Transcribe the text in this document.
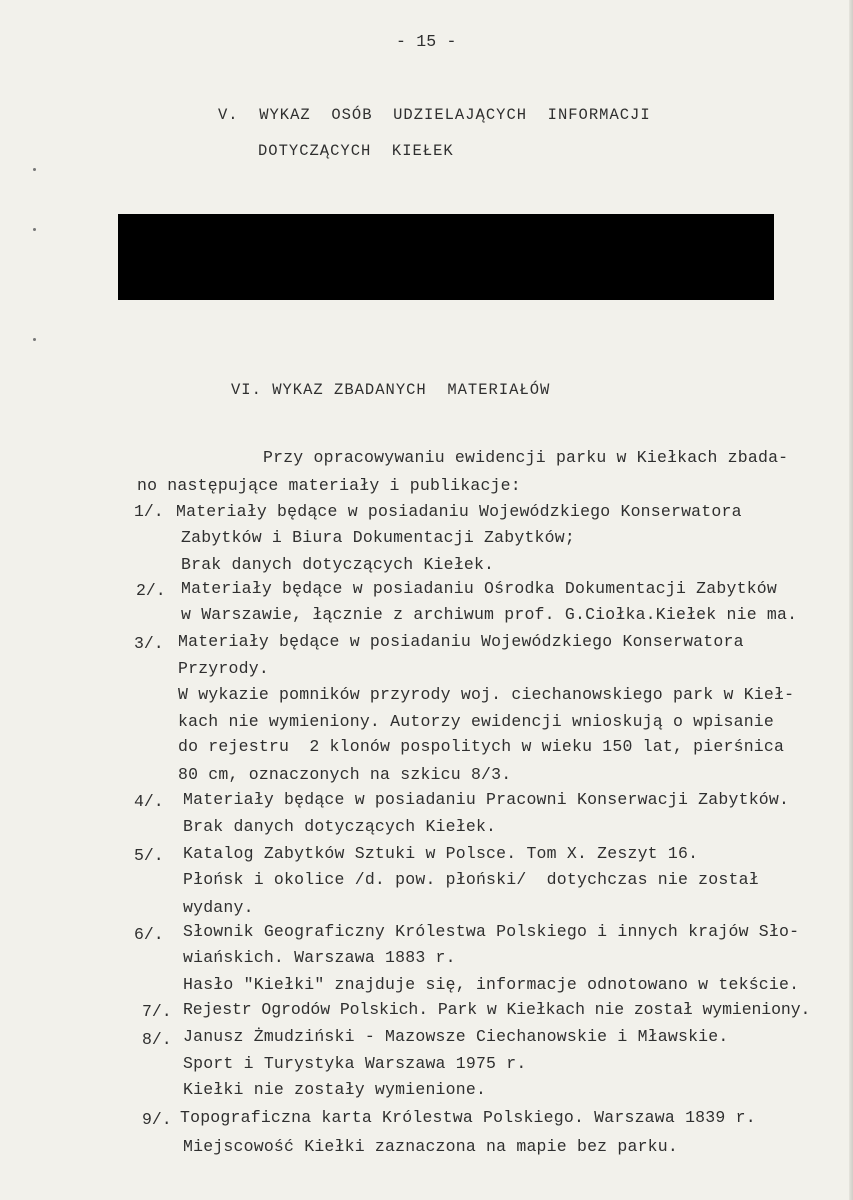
- 15 -
V.  WYKAZ  OSÓB  UDZIELAJĄCYCH  INFORMACJI
DOTYCZĄCYCH  KIEŁEK
VI. WYKAZ ZBADANYCH  MATERIAŁÓW
Przy opracowywaniu ewidencji parku w Kiełkach zbada-
no następujące materiały i publikacje:
1/. Materiały będące w posiadaniu Wojewódzkiego Konserwatora
Zabytków i Biura Dokumentacji Zabytków;
Brak danych dotyczących Kiełek.
2/. Materiały będące w posiadaniu Ośrodka Dokumentacji Zabytków
w Warszawie, łącznie z archiwum prof. G.Ciołka.Kiełek nie ma.
3/. Materiały będące w posiadaniu Wojewódzkiego Konserwatora
Przyrody.
W wykazie pomników przyrody woj. ciechanowskiego park w Kieł-
kach nie wymieniony. Autorzy ewidencji wnioskują o wpisanie
do rejestru  2 klonów pospolitych w wieku 150 lat, pierśnica
80 cm, oznaczonych na szkicu 8/3.
4/. Materiały będące w posiadaniu Pracowni Konserwacji Zabytków.
Brak danych dotyczących Kiełek.
5/. Katalog Zabytków Sztuki w Polsce. Tom X. Zeszyt 16.
Płońsk i okolice /d. pow. płoński/  dotychczas nie został
wydany.
6/. Słownik Geograficzny Królestwa Polskiego i innych krajów Sło-
wiańskich. Warszawa 1883 r.
Hasło "Kiełki" znajduje się, informacje odnotowano w tekście.
7/. Rejestr Ogrodów Polskich. Park w Kiełkach nie został wymieniony.
8/. Janusz Żmudziński - Mazowsze Ciechanowskie i Mławskie.
Sport i Turystyka Warszawa 1975 r.
Kiełki nie zostały wymienione.
9/. Topograficzna karta Królestwa Polskiego. Warszawa 1839 r.
Miejscowość Kiełki zaznaczona na mapie bez parku.
